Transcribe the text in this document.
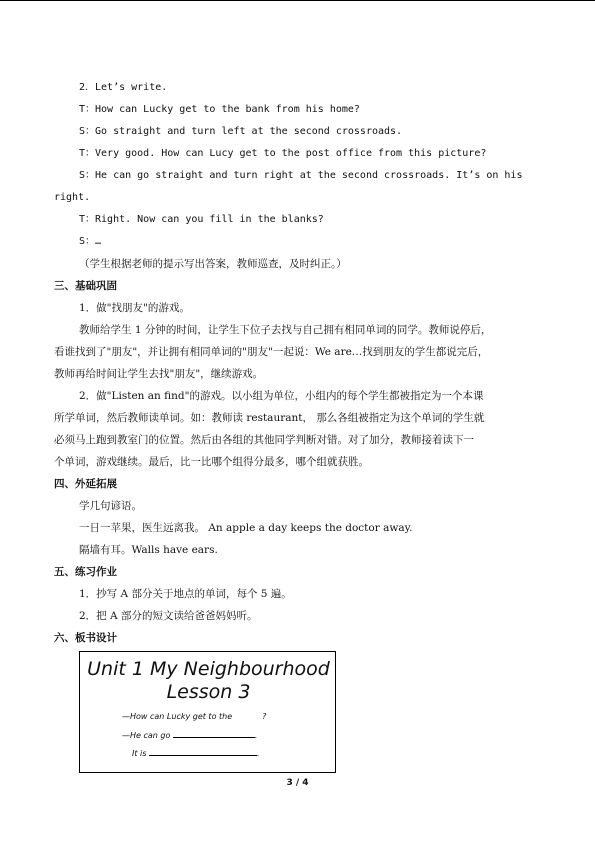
2．Let’s write.
T：How can Lucky get to the bank from his home?
S：Go straight and turn left at the second crossroads.
T：Very good. How can Lucy get to the post office from this picture?
S：He can go straight and turn right at the second crossroads. It’s on his
right.
T：Right. Now can you fill in the blanks?
S：…
（学生根据老师的提示写出答案，教师巡查，及时纠正。）
三、基础巩固
1．做"找朋友"的游戏。
教师给学生 1 分钟的时间，让学生下位子去找与自己拥有相同单词的同学。教师说停后，
看谁找到了"朋友"，并让拥有相同单词的"朋友"一起说：We are…找到朋友的学生都说完后，
教师再给时间让学生去找"朋友"，继续游戏。
2．做"Listen an find"的游戏。以小组为单位，小组内的每个学生都被指定为一个本课
所学单词，然后教师读单词。如：教师读 restaurant， 那么各组被指定为这个单词的学生就
必须马上跑到教室门的位置。然后由各组的其他同学判断对错。对了加分，教师接着读下一
个单词，游戏继续。最后，比一比哪个组得分最多，哪个组就获胜。
四、外延拓展
学几句谚语。
一日一苹果，医生远离我。 An apple a day keeps the doctor away.
隔墙有耳。Walls have ears.
五、练习作业
1．抄写 A 部分关于地点的单词，每个 5 遍。
2．把 A 部分的短文读给爸爸妈妈听。
六、板书设计
Unit 1 My Neighbourhood
Lesson 3
—How can Lucky get to the	?
—He can go	.
It is	.
3 / 4
